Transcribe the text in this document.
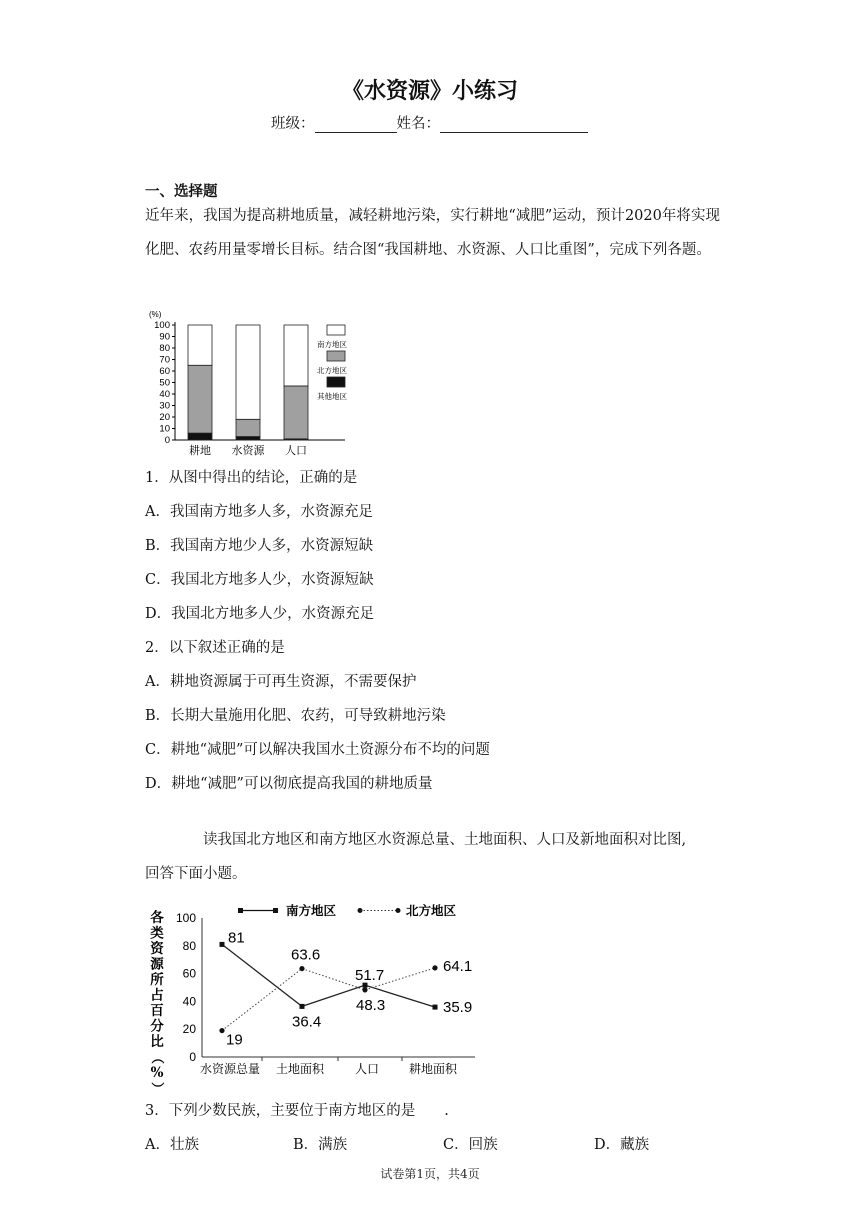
《水资源》小练习
班级：	姓名：
一、选择题
近年来，我国为提高耕地质量，减轻耕地污染，实行耕地“减肥”运动，预计2020年将实现化肥、农药用量零增长目标。结合图“我国耕地、水资源、人口比重图”，完成下列各题。
(%)
0
10
20
30
40
50
60
70
80
90
100
耕地 水资源 人口
南方地区
北方地区
其他地区
1．从图中得出的结论，正确的是
A．我国南方地多人多，水资源充足
B．我国南方地少人多，水资源短缺
C．我国北方地多人少，水资源短缺
D．我国北方地多人少，水资源充足
2．以下叙述正确的是
A．耕地资源属于可再生资源，不需要保护
B．长期大量施用化肥、农药，可导致耕地污染
C．耕地“减肥”可以解决我国水土资源分布不均的问题
D．耕地“减肥”可以彻底提高我国的耕地质量
读我国北方地区和南方地区水资源总量、土地面积、人口及新地面积对比图,
回答下面小题。
各
类
资
源
所
占
百
分
比
（
%
）
0
20
40
60
80
100
水资源总量 土地面积	人口 耕地面积
南方地区	北方地区
81
36.4
51.7
35.9
19
63.6
48.3
64.1
3．下列少数民族，主要位于南方地区的是　　.
A．壮族	B．满族	C．回族	D．藏族
试卷第1页，共4页
